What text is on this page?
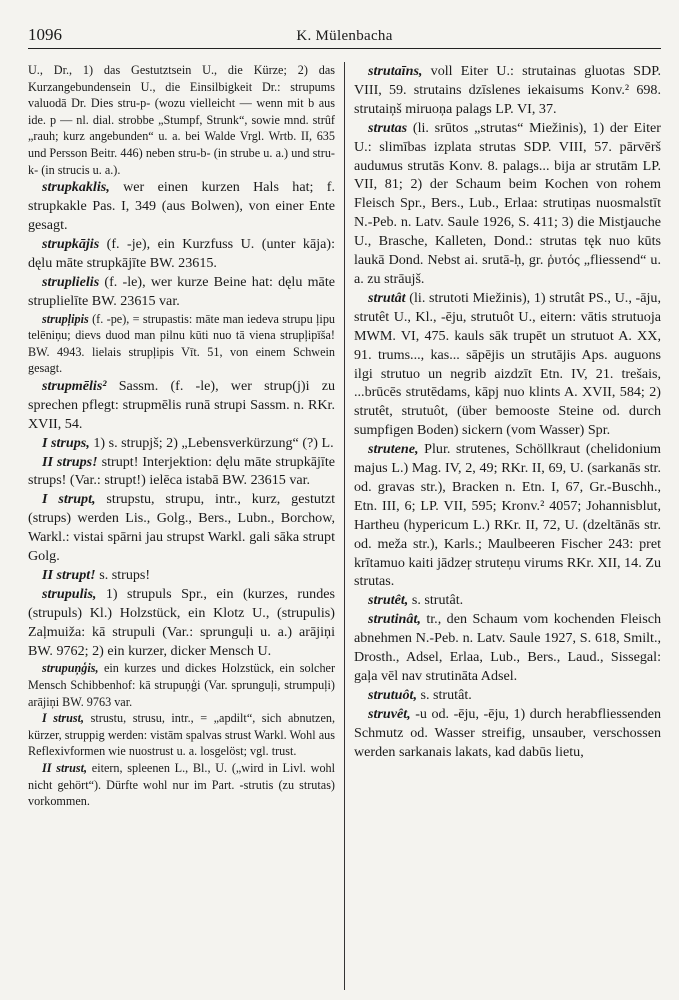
1096	K. Mülenbacha

U., Dr., 1) das Gestutztsein U., die Kürze; 2) das Kurzangebundensein U., die Einsilbigkeit Dr.: strupums valuodā Dr. Dies stru-p- (wozu vielleicht — wenn mit b aus ide. p — nl. dial. strobbe „Stumpf, Strunk“, sowie mnd. strûf „rauh; kurz angebunden“ u. a. bei Walde Vrgl. Wrtb. II, 635 und Persson Beitr. 446) neben stru-b- (in strube u. a.) und stru-k- (in strucis u. a.).

strupkaklis, wer einen kurzen Hals hat; f. strupkakle Pas. I, 349 (aus Bolwen), von einer Ente gesagt.

strupkājis (f. -je), ein Kurzfuss U. (unter kāja): dęlu māte strupkājīte BW. 23615.

struplielis (f. -le), wer kurze Beine hat: dęlu māte struplielīte BW. 23615 var.

strupļipis (f. -pe), = strupastis: māte man iedeva strupu ļipu telēniņu; dievs duod man pilnu kūti nuo tā viena strupļipīša! BW. 4943. lielais strupļipis Vīt. 51, von einem Schwein gesagt.

strupmēlis² Sassm. (f. -le), wer strup(j)i zu sprechen pflegt: strupmēlis runā strupi Sassm. n. RKr. XVII, 54.

I strups, 1) s. strupjš; 2) „Lebensverkürzung“ (?) L.

II strups! strupt! Interjektion: dęlu māte strupkājīte strups! (Var.: strupt!) ielēca istabā BW. 23615 var.

I strupt, strupstu, strupu, intr., kurz, gestutzt (strups) werden Lis., Golg., Bers., Lubn., Borchow, Warkl.: vistai spārni jau strupst Warkl. gali sāka strupt Golg.

II strupt! s. strups!

strupulis, 1) strupuls Spr., ein (kurzes, rundes (strupuls) Kl.) Holzstück, ein Klotz U., (strupulis) Zaļmuiža: kā strupuli (Var.: sprunguļi u. a.) arājiņi BW. 9762; 2) ein kurzer, dicker Mensch U.

strupuņģis, ein kurzes und dickes Holzstück, ein solcher Mensch Schibbenhof: kā strupuņģi (Var. sprunguļi, strumpuļi) arājiņi BW. 9763 var.

I strust, strustu, strusu, intr., = „apdilt“, sich abnutzen, kürzer, struppig werden: vistām spalvas strust Warkl. Wohl aus Reflexivformen wie nuostrust u. a. losgelöst; vgl. trust.

II strust, eitern, spleenen L., Bl., U. („wird in Livl. wohl nicht gehört“). Dürfte wohl nur im Part. -strutis (zu strutas) vorkommen.

strutaīns, voll Eiter U.: strutainas gluotas SDP. VIII, 59. strutains dzīslenes iekaisums Konv.² 698. strutaiņš miruoņa palags LP. VI, 37.

strutas (li. srūtos „strutas“ Miežinis), 1) der Eiter U.: slimības izplata strutas SDP. VIII, 57. pārvērš auduмus strutās Konv. 8. palags... bija ar strutām LP. VII, 81; 2) der Schaum beim Kochen von rohem Fleisch Spr., Bers., Lub., Erlaa: strutiņas nuosmalstīt N.-Peb. n. Latv. Saule 1926, S. 411; 3) die Mistjauche U., Brasche, Kalleten, Dond.: strutas tęk nuo kūts laukā Dond. Nebst ai. srutā-ḥ, gr. ῥυτός „fliessend“ u. a. zu strāujš.

strutât (li. strutoti Miežinis), 1) strutât PS., U., -āju, strutêt U., Kl., -ēju, strutuôt U., eitern: vātis strutuoja MWM. VI, 475. kauls sāk trupēt un strutuot A. XX, 91. trums..., kas... sāpējis un strutājis Aps. auguons ilgi strutuo un negrib aizdzīt Etn. IV, 21. trešais, ...brūcēs strutēdams, kāpj nuo klints A. XVII, 584; 2) strutêt, strutuôt, (über bemooste Steine od. durch sumpfigen Boden) sickern (vom Wasser) Spr.

strutene, Plur. strutenes, Schöllkraut (chelidonium majus L.) Mag. IV, 2, 49; RKr. II, 69, U. (sarkanās str. od. gravas str.), Bracken n. Etn. I, 67, Gr.-Buschh., Etn. III, 6; LP. VII, 595; Kronv.² 4057; Johannisblut, Hartheu (hypericum L.) RKr. II, 72, U. (dzeltānās str. od. meža str.), Karls.; Maulbeeren Fischer 243: pret krītamuo kaiti jādzeŗ struteņu virums RKr. XII, 14. Zu strutas.

strutêt, s. strutât.

strutinât, tr., den Schaum vom kochenden Fleisch abnehmen N.-Peb. n. Latv. Saule 1927, S. 618, Smilt., Drosth., Adsel, Erlaa, Lub., Bers., Laud., Sissegal: gaļa vēl nav strutināta Adsel.

strutuôt, s. strutât.

struvêt, -u od. -ēju, -ēju, 1) durch herabfliessenden Schmutz od. Wasser streifig, unsauber, verschossen werden sarkanais lakats, kad dabūs lietu,
